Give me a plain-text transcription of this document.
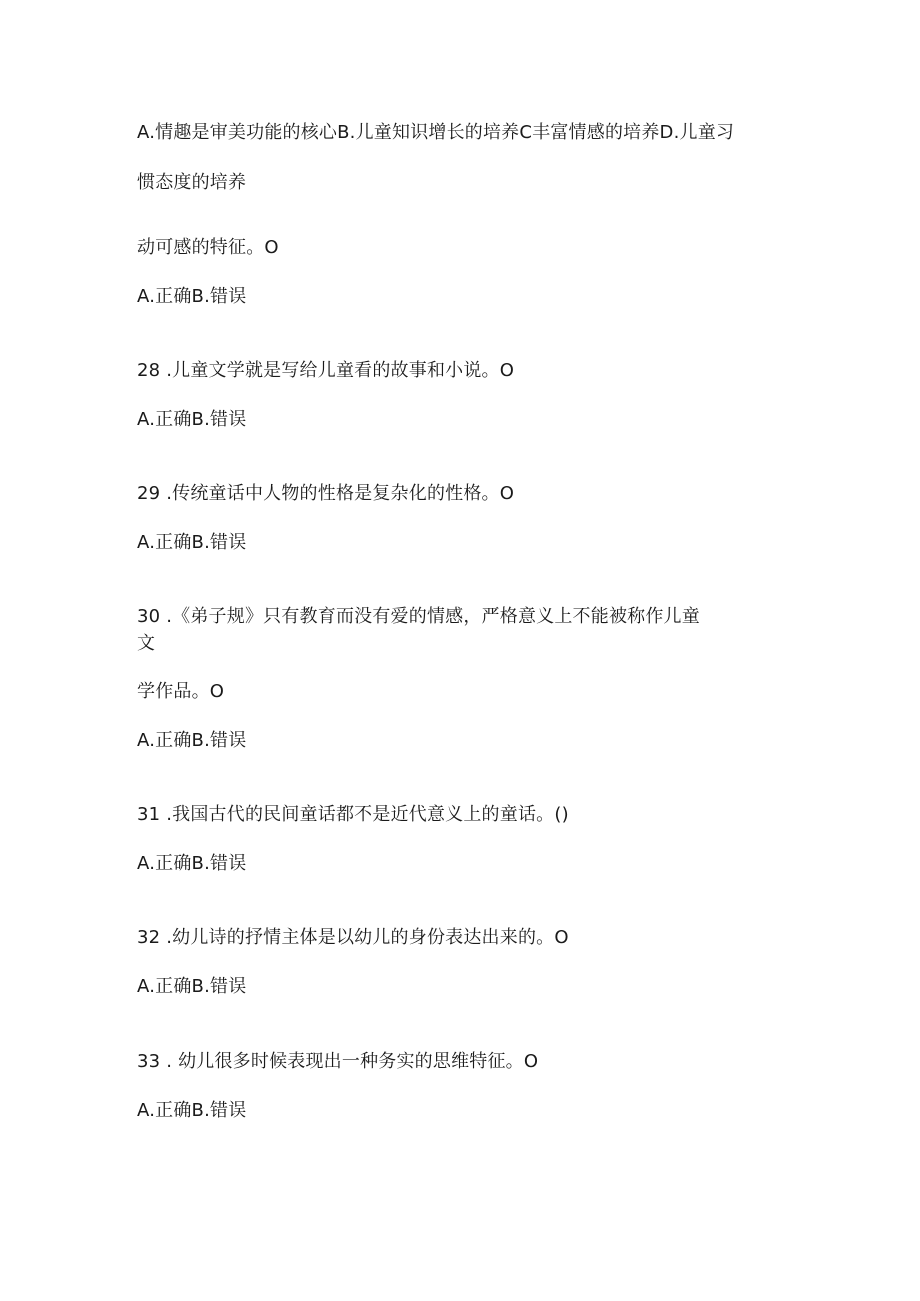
A.情趣是审美功能的核心B.儿童知识增长的培养C丰富情感的培养D.儿童习
惯态度的培养
动可感的特征。O
A.正确B.错误
28 .儿童文学就是写给儿童看的故事和小说。O
A.正确B.错误
29 .传统童话中人物的性格是复杂化的性格。O
A.正确B.错误
30 .《弟子规》只有教育而没有爱的情感，严格意义上不能被称作儿童
文
学作品。O
A.正确B.错误
31 .我国古代的民间童话都不是近代意义上的童话。()
A.正确B.错误
32 .幼儿诗的抒情主体是以幼儿的身份表达出来的。O
A.正确B.错误
33 . 幼儿很多时候表现出一种务实的思维特征。O
A.正确B.错误
